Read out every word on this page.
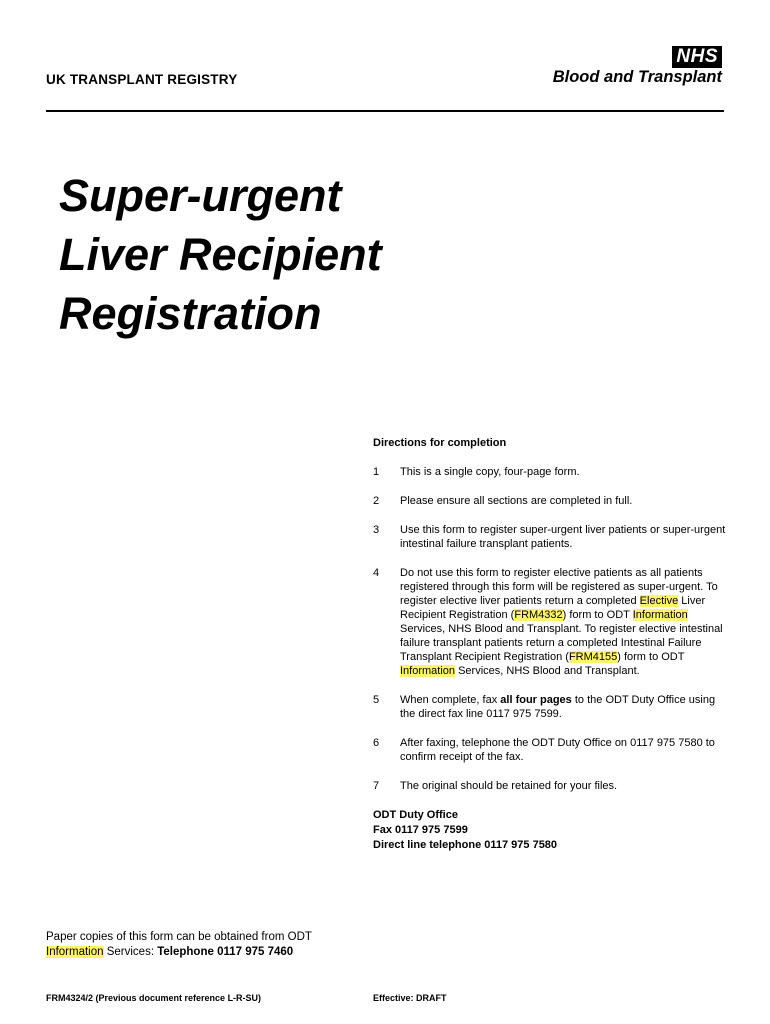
UK TRANSPLANT REGISTRY
NHS
Blood and Transplant
Super-urgent
Liver Recipient
Registration
Directions for completion
1 This is a single copy, four-page form.
2 Please ensure all sections are completed in full.
3 Use this form to register super-urgent liver patients or super-urgent intestinal failure transplant patients.
4 Do not use this form to register elective patients as all patients registered through this form will be registered as super-urgent. To register elective liver patients return a completed Elective Liver Recipient Registration (FRM4332) form to ODT Information Services, NHS Blood and Transplant. To register elective intestinal failure transplant patients return a completed Intestinal Failure Transplant Recipient Registration (FRM4155) form to ODT Information Services, NHS Blood and Transplant.
5 When complete, fax all four pages to the ODT Duty Office using the direct fax line 0117 975 7599.
6 After faxing, telephone the ODT Duty Office on 0117 975 7580 to confirm receipt of the fax.
7 The original should be retained for your files.
ODT Duty Office
Fax 0117 975 7599
Direct line telephone 0117 975 7580
Paper copies of this form can be obtained from ODT
Information Services: Telephone 0117 975 7460
FRM4324/2 (Previous document reference L-R-SU)	Effective: DRAFT
